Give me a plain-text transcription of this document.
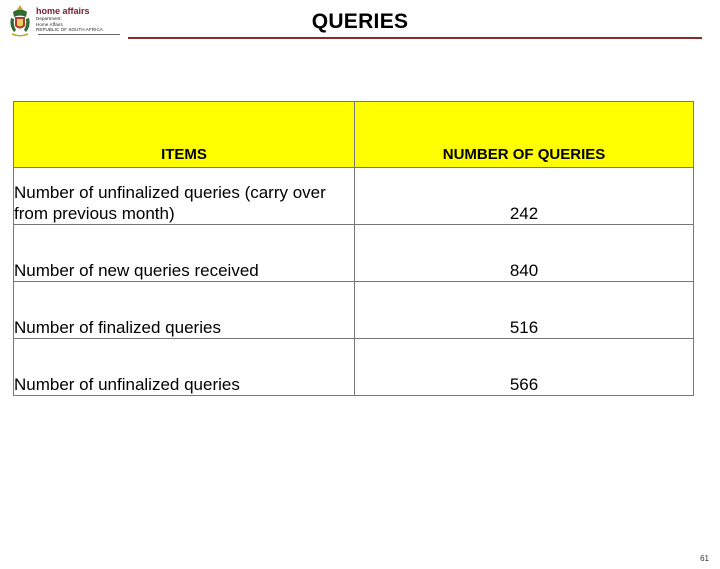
home affairs
Department:
Home Affairs
REPUBLIC OF SOUTH AFRICA	QUERIES
ITEMS	NUMBER OF QUERIES
Number of unfinalized queries (carry over from previous month)	242
Number of new queries received	840
Number of finalized queries	516
Number of unfinalized queries	566
61
